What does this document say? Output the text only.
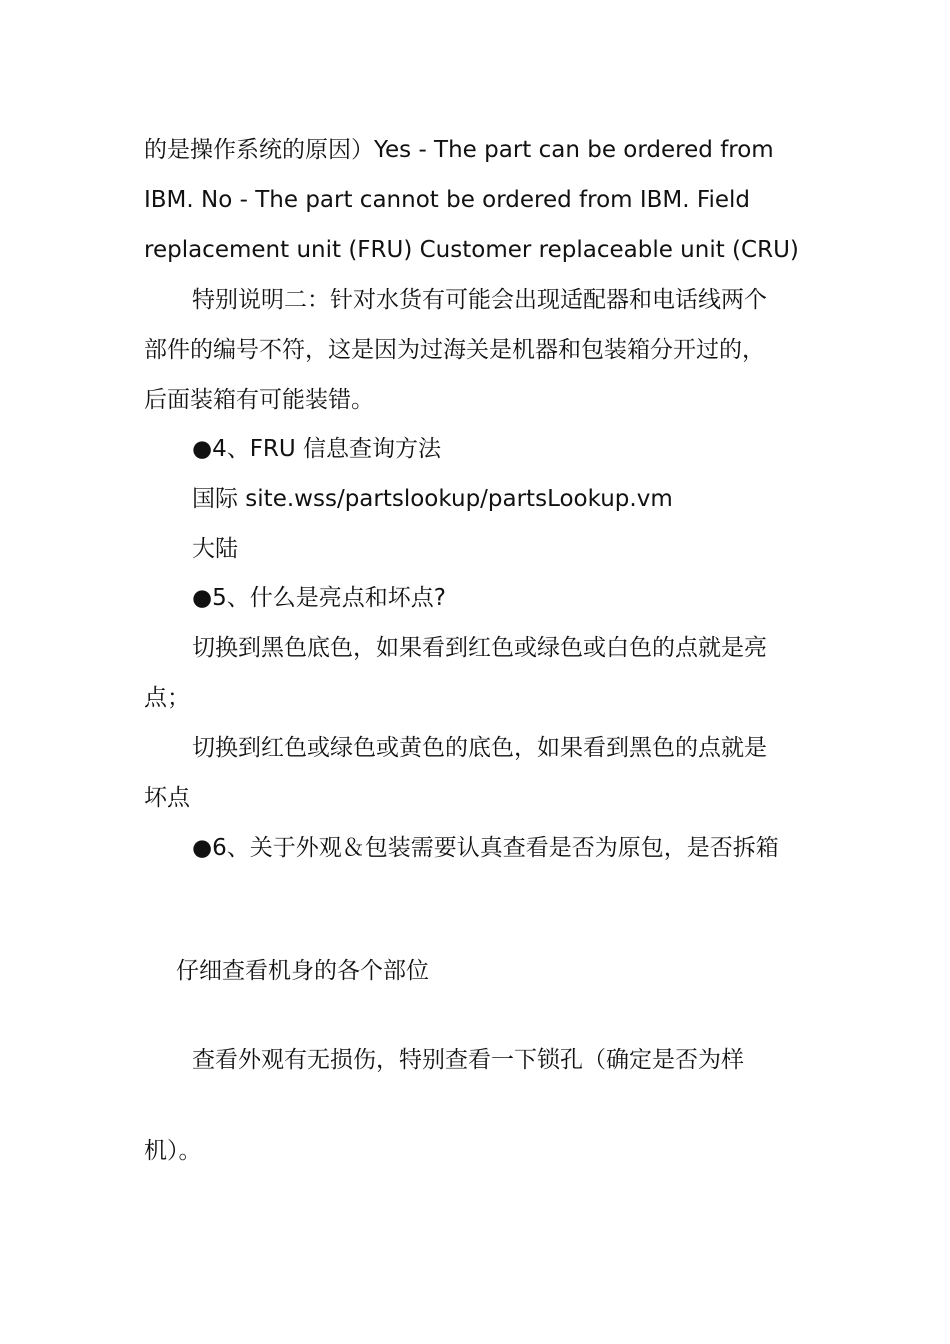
的是操作系统的原因）Yes - The part can be ordered from
IBM. No - The part cannot be ordered from IBM. Field
replacement unit (FRU) Customer replaceable unit (CRU)
特别说明二：针对水货有可能会出现适配器和电话线两个
部件的编号不符，这是因为过海关是机器和包装箱分开过的，
后面装箱有可能装错。
●4、FRU 信息查询方法
国际 site.wss/partslookup/partsLookup.vm
大陆
●5、什么是亮点和坏点?
切换到黑色底色，如果看到红色或绿色或白色的点就是亮
点；
切换到红色或绿色或黄色的底色，如果看到黑色的点就是
坏点
●6、关于外观＆包装需要认真查看是否为原包，是否拆箱
仔细查看机身的各个部位
查看外观有无损伤，特别查看一下锁孔（确定是否为样
机）。
